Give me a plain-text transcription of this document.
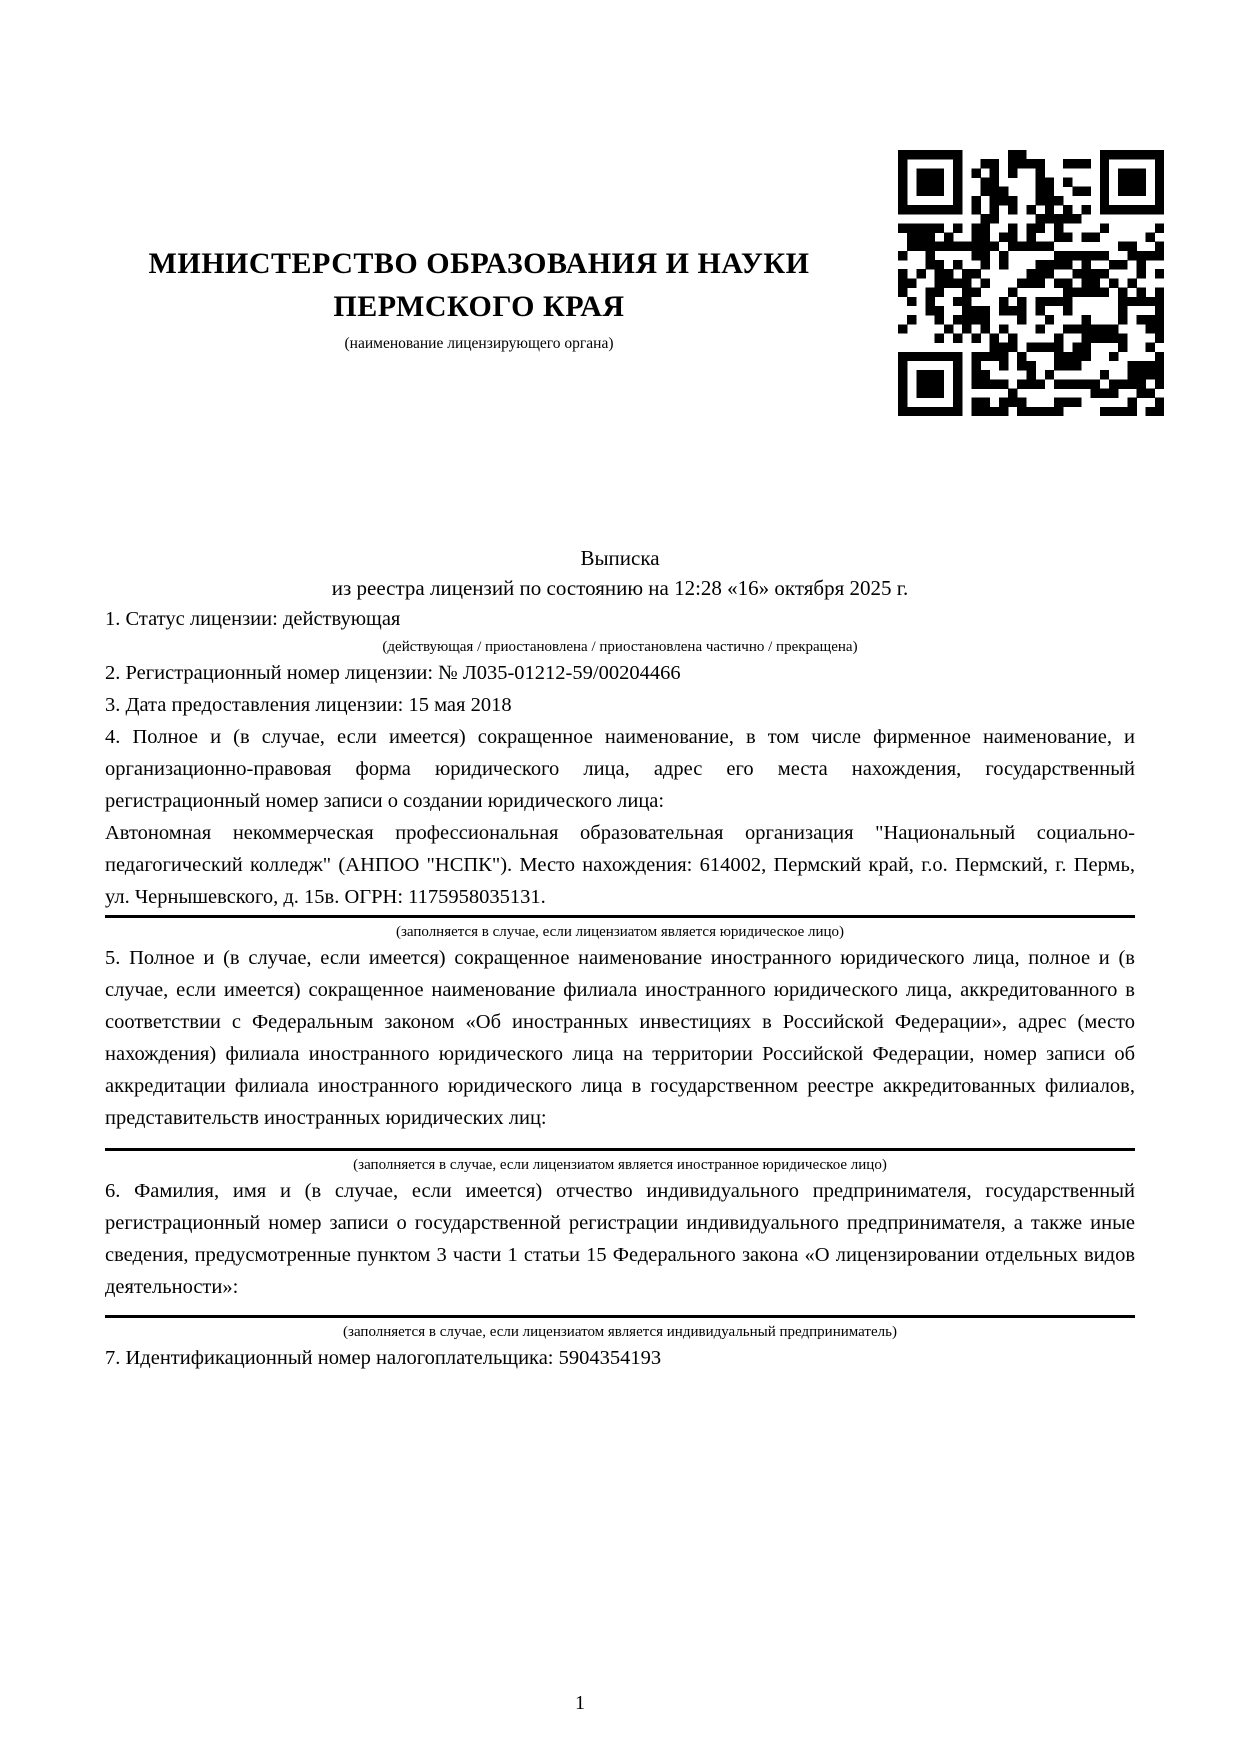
МИНИСТЕРСТВО ОБРАЗОВАНИЯ И НАУКИ
ПЕРМСКОГО КРАЯ
(наименование лицензирующего органа)
Выписка
из реестра лицензий по состоянию на 12:28 «16» октября 2025 г.

1. Статус лицензии: действующая

(действующая / приостановлена / приостановлена частично / прекращена)

2. Регистрационный номер лицензии: № Л035-01212-59/00204466

3. Дата предоставления лицензии: 15 мая 2018

4. Полное и (в случае, если имеется) сокращенное наименование, в том числе фирменное наименование, и организационно-правовая форма юридического лица, адрес его места нахождения, государственный регистрационный номер записи о создании юридического лица:

Автономная некоммерческая профессиональная образовательная организация "Национальный социально-педагогический колледж" (АНПОО "НСПК"). Место нахождения: 614002, Пермский край, г.о. Пермский, г. Пермь, ул. Чернышевского, д. 15в. ОГРН: 1175958035131.

(заполняется в случае, если лицензиатом является юридическое лицо)

5. Полное и (в случае, если имеется) сокращенное наименование иностранного юридического лица, полное и (в случае, если имеется) сокращенное наименование филиала иностранного юридического лица, аккредитованного в соответствии с Федеральным законом «Об иностранных инвестициях в Российской Федерации», адрес (место нахождения) филиала иностранного юридического лица на территории Российской Федерации, номер записи об аккредитации филиала иностранного юридического лица в государственном реестре аккредитованных филиалов, представительств иностранных юридических лиц:

(заполняется в случае, если лицензиатом является иностранное юридическое лицо)

6. Фамилия, имя и (в случае, если имеется) отчество индивидуального предпринимателя, государственный регистрационный номер записи о государственной регистрации индивидуального предпринимателя, а также иные сведения, предусмотренные пунктом 3 части 1 статьи 15 Федерального закона «О лицензировании отдельных видов деятельности»:

(заполняется в случае, если лицензиатом является индивидуальный предприниматель)

7. Идентификационный номер налогоплательщика: 5904354193

1
